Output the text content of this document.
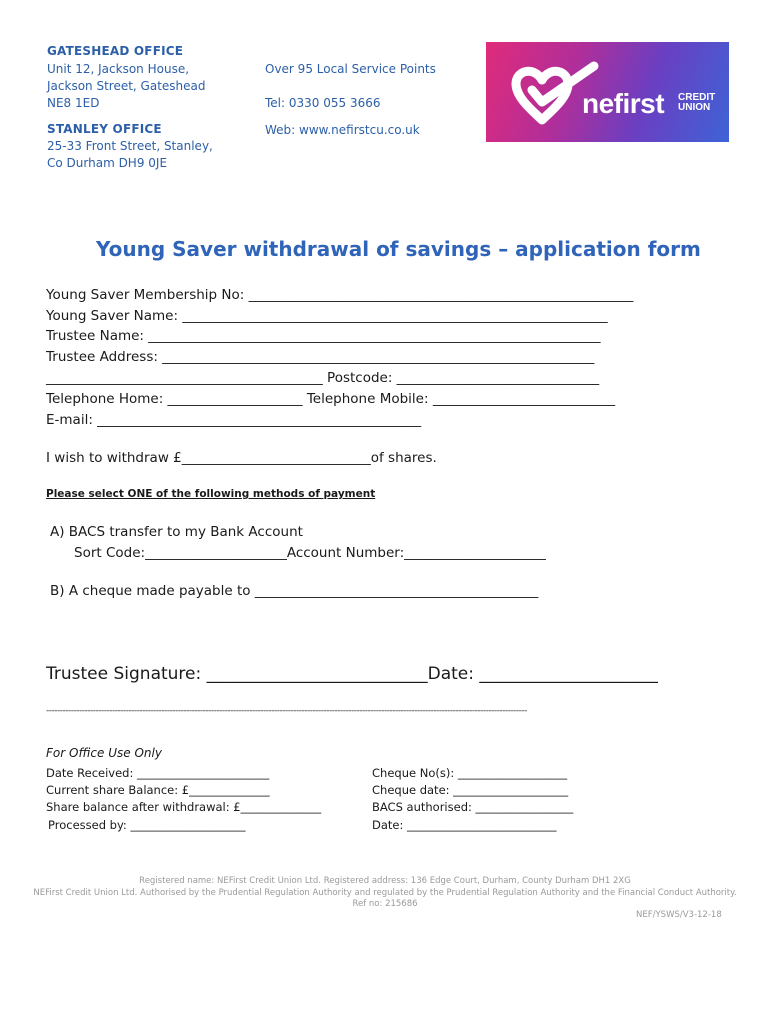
GATESHEAD OFFICE
Unit 12, Jackson House,
Jackson Street, Gateshead
NE8 1ED
STANLEY OFFICE
25-33 Front Street, Stanley,
Co Durham DH9 0JE
Over 95 Local Service Points
Tel: 0330 055 3666
Web: www.nefirstcu.co.uk
nefirst CREDIT
UNION
Young Saver withdrawal of savings – application form
Young Saver Membership No: _________________________________________________________
Young Saver Name: _______________________________________________________________
Trustee Name: ___________________________________________________________________
Trustee Address: ________________________________________________________________
_________________________________________ Postcode: ______________________________
Telephone Home: ____________________ Telephone Mobile: ___________________________
E-mail: ________________________________________________
I wish to withdraw £____________________________of shares.
Please select ONE of the following methods of payment
A) BACS transfer to my Bank Account
Sort Code:_____________________Account Number:_____________________
B) A cheque made payable to __________________________________________
Trustee Signature: __________________________Date: _____________________
-------------------------------------------------------------------------------------------------------------------------------------------------------------------------------
For Office Use Only
Date Received: _______________________
Current share Balance: £______________
Share balance after withdrawal: £______________
Processed by: ____________________
Cheque No(s): ___________________
Cheque date: ____________________
BACS authorised: _________________
Date: __________________________
Registered name: NEFirst Credit Union Ltd. Registered address: 136 Edge Court, Durham, County Durham DH1 2XG
NEFirst Credit Union Ltd. Authorised by the Prudential Regulation Authority and regulated by the Prudential Regulation Authority and the Financial Conduct Authority.
Ref no: 215686
NEF/YSWS/V3-12-18
